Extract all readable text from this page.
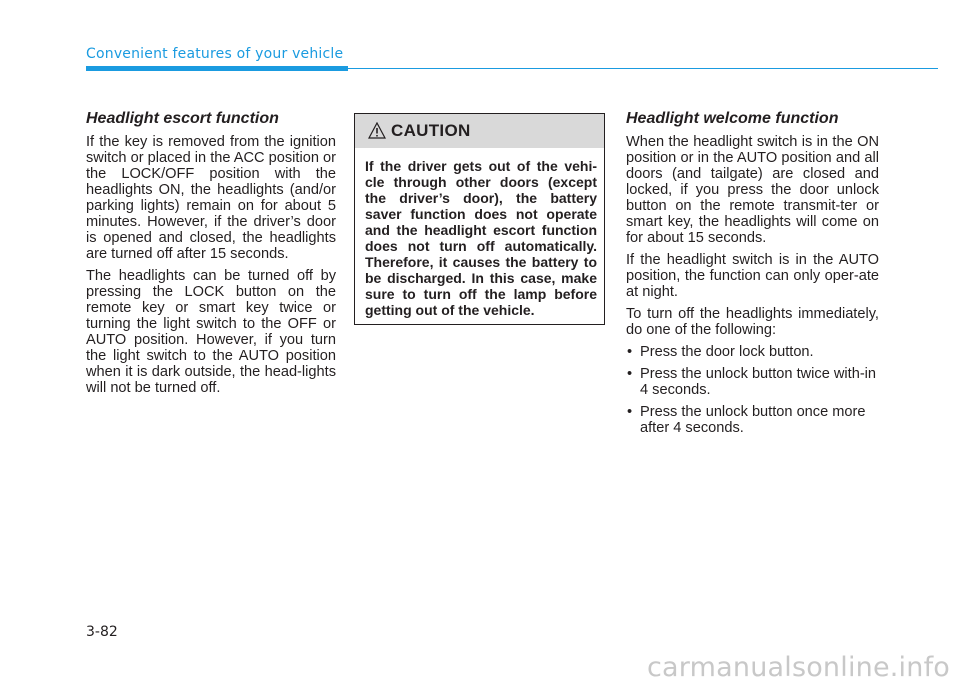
Convenient features of your vehicle
Headlight escort function

If the key is removed from the ignition switch or placed in the ACC position or the LOCK/OFF position with the headlights ON, the headlights (and/or parking lights) remain on for about 5 minutes. However, if the driver’s door is opened and closed, the headlights are turned off after 15 seconds.

The headlights can be turned off by pressing the LOCK button on the remote key or smart key twice or turning the light switch to the OFF or AUTO position. However, if you turn the light switch to the AUTO position when it is dark outside, the head-lights will not be turned off.

CAUTION
If the driver gets out of the vehi-cle through other doors (except the driver’s door), the battery saver function does not operate and the headlight escort function does not turn off automatically. Therefore, it causes the battery to be discharged. In this case, make sure to turn off the lamp before getting out of the vehicle.
Headlight welcome function

When the headlight switch is in the ON position or in the AUTO position and all doors (and tailgate) are closed and locked, if you press the door unlock button on the remote transmit-ter or smart key, the headlights will come on for about 15 seconds.

If the headlight switch is in the AUTO position, the function can only oper-ate at night.

To turn off the headlights immediately, do one of the following:

• Press the door lock button.
• Press the unlock button twice with-in 4 seconds.
• Press the unlock button once more after 4 seconds.
3-82
carmanualsonline.info
